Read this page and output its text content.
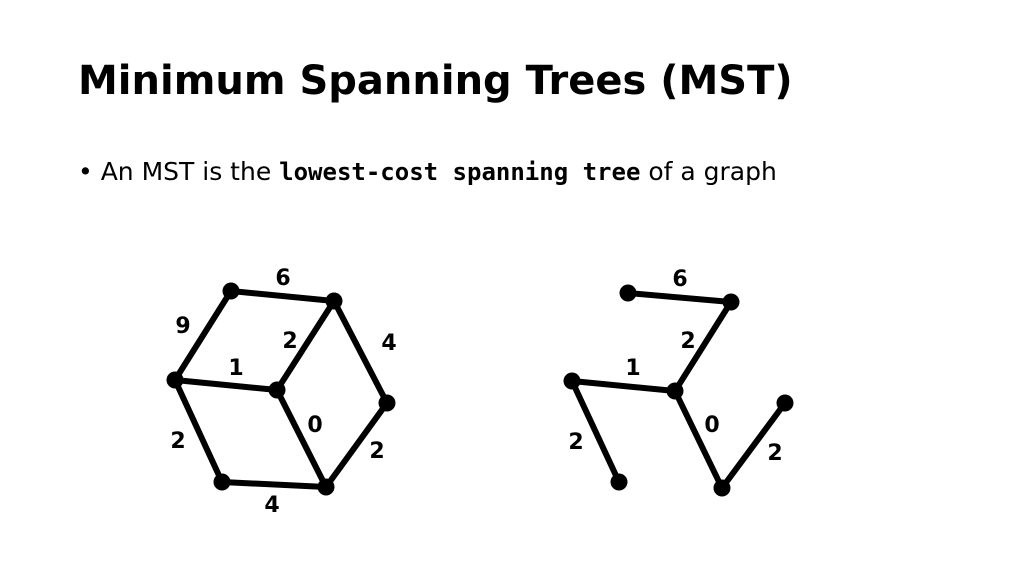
Minimum Spanning Trees (MST)
• An MST is the lowest-cost spanning tree of a graph
6
9
2	4
1
2
0
2
4
6
2
1
2
0
2
